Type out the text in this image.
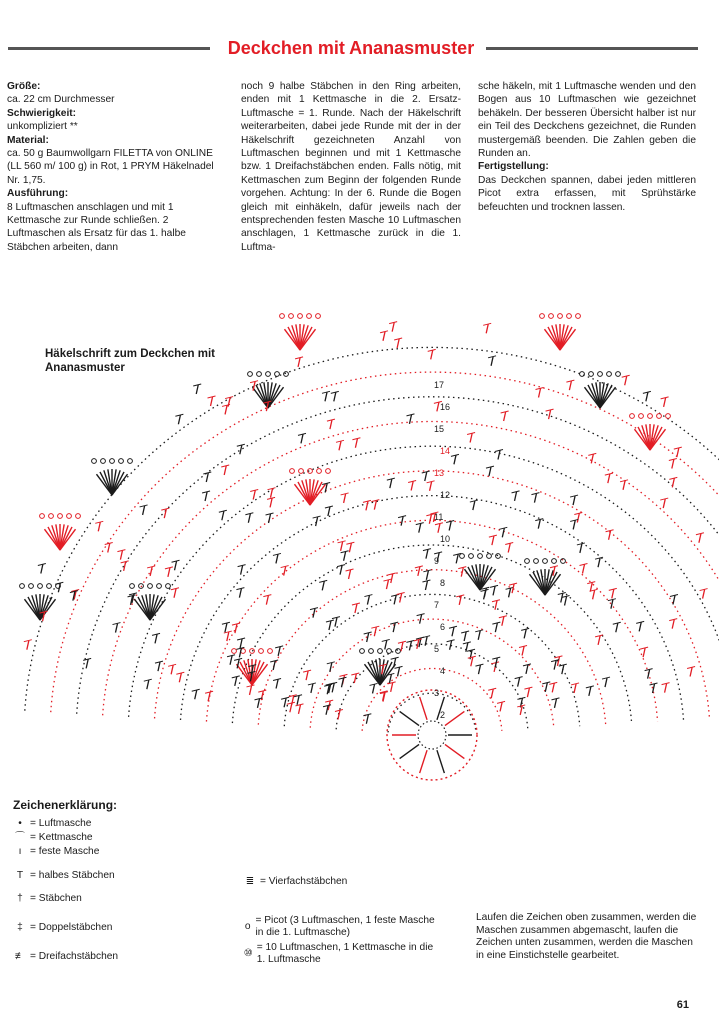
Deckchen mit Ananasmuster
Größe:

ca. 22 cm Durchmesser

Schwierigkeit:

unkompliziert **

Material:

ca. 50 g Baumwollgarn FILETTA von ONLINE (LL 560 m/ 100 g) in Rot, 1 PRYM Häkelnadel Nr. 1,75.

Ausführung:

8 Luftmaschen anschlagen und mit 1 Kettmasche zur Runde schließen. 2 Luftmaschen als Ersatz für das 1. halbe Stäbchen arbeiten, dann

noch 9 halbe Stäbchen in den Ring arbeiten, enden mit 1 Kettmasche in die 2. Ersatz-Luftmasche = 1. Runde. Nach der Häkelschrift weiterarbeiten, dabei jede Runde mit der in der Häkelschrift gezeichneten Anzahl von Luftmaschen beginnen und mit 1 Kettmasche bzw. 1 Dreifachstäbchen enden. Falls nötig, mit Kettmaschen zum Beginn der folgenden Runde vorgehen. Achtung: In der 6. Runde die Bogen gleich mit einhäkeln, dafür jeweils nach der entsprechenden festen Masche 10 Luftmaschen anschlagen, 1 Kettmasche zurück in die 1. Luftma-

sche häkeln, mit 1 Luftmasche wenden und den Bogen aus 10 Luftmaschen wie gezeichnet behäkeln. Der besseren Übersicht halber ist nur ein Teil des Deckchens gezeichnet, die Runden mustergemäß beenden. Die Zahlen geben die Runden an.

Fertigstellung:

Das Deckchen spannen, dabei jeden mittleren Picot extra erfassen, mit Sprühstärke befeuchten und trocknen lassen.

2
3
4
5
6
7
8
9
10
11
12
13
14
15
16
17
Häkelschrift zum Deckchen mit Ananasmuster
Zeichenerklärung:
• = Luftmasche
⌒ = Kettmasche
ı = feste Masche
T = halbes Stäbchen
† = Stäbchen
‡ = Doppelstäbchen
≢ = Dreifachstäbchen
≣ = Vierfachstäbchen
o
= Picot (3 Luftmaschen, 1 feste Masche in die 1. Luftmasche)
⑩
= 10 Luftmaschen, 1 Kettmasche in die 1. Luftmasche
Laufen die Zeichen oben zusammen, werden die Maschen zusammen abgemascht, laufen die Zeichen unten zusammen, werden die Maschen in eine Einstichstelle gearbeitet.
61
